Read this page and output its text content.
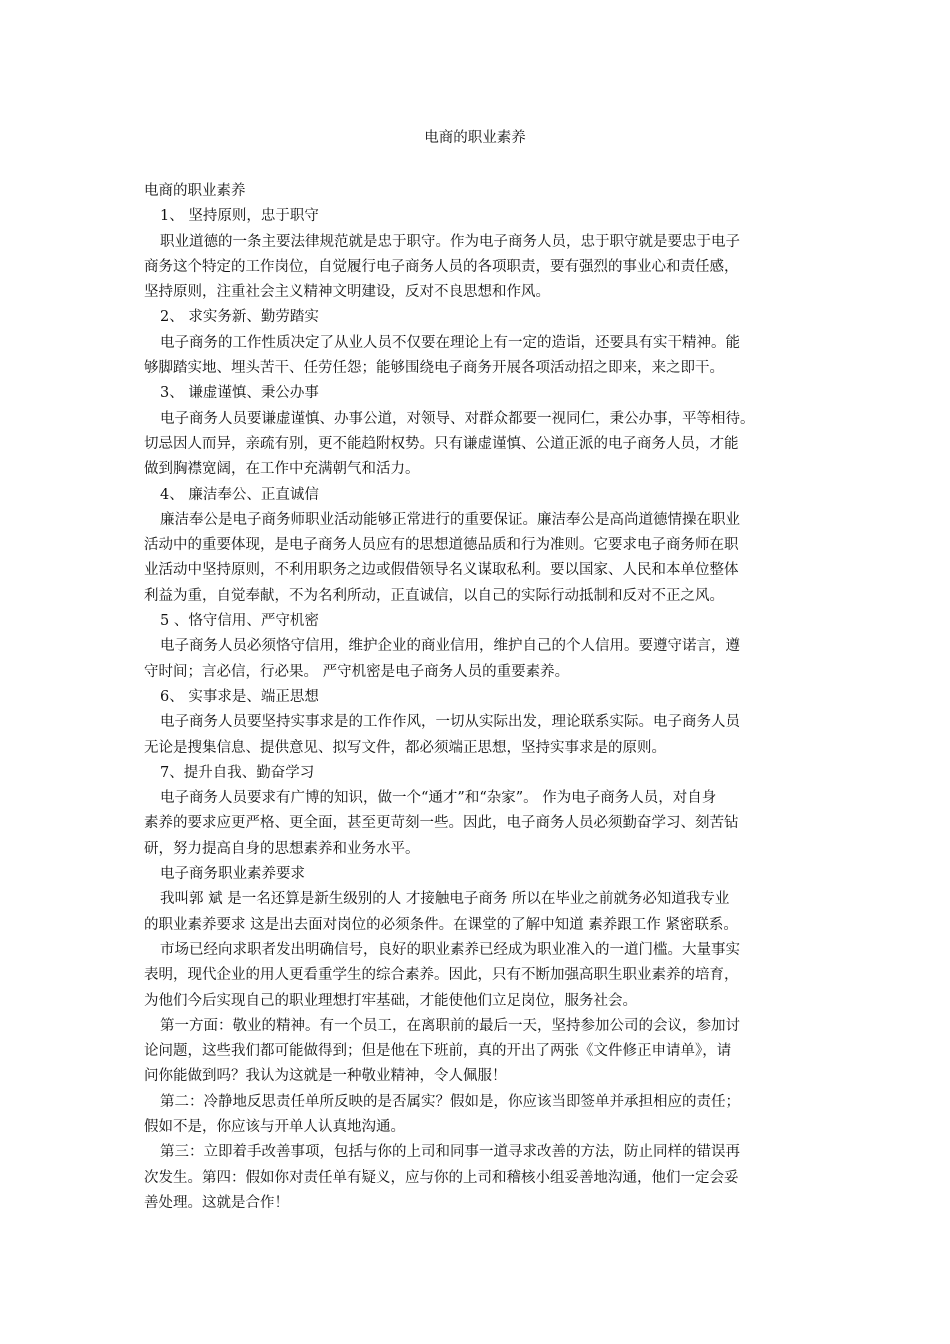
电商的职业素养

电商的职业素养

1、 坚持原则，忠于职守

职业道德的一条主要法律规范就是忠于职守。作为电子商务人员，忠于职守就是要忠于电子

商务这个特定的工作岗位，自觉履行电子商务人员的各项职责，要有强烈的事业心和责任感，

坚持原则，注重社会主义精神文明建设，反对不良思想和作风。

2、 求实务新、勤劳踏实

电子商务的工作性质决定了从业人员不仅要在理论上有一定的造诣，还要具有实干精神。能

够脚踏实地、埋头苦干、任劳任怨；能够围绕电子商务开展各项活动招之即来，来之即干。

3、 谦虚谨慎、秉公办事

电子商务人员要谦虚谨慎、办事公道，对领导、对群众都要一视同仁，秉公办事，平等相待。

切忌因人而异，亲疏有别，更不能趋附权势。只有谦虚谨慎、公道正派的电子商务人员，才能

做到胸襟宽阔，在工作中充满朝气和活力。

4、 廉洁奉公、正直诚信

廉洁奉公是电子商务师职业活动能够正常进行的重要保证。廉洁奉公是高尚道德情操在职业

活动中的重要体现，是电子商务人员应有的思想道德品质和行为准则。它要求电子商务师在职

业活动中坚持原则，不利用职务之边或假借领导名义谋取私利。要以国家、人民和本单位整体

利益为重，自觉奉献，不为名利所动，正直诚信，以自己的实际行动抵制和反对不正之风。

5 、恪守信用、严守机密

电子商务人员必须恪守信用，维护企业的商业信用，维护自己的个人信用。要遵守诺言，遵

守时间；言必信，行必果。 严守机密是电子商务人员的重要素养。

6、 实事求是、端正思想

电子商务人员要坚持实事求是的工作作风，一切从实际出发，理论联系实际。电子商务人员

无论是搜集信息、提供意见、拟写文件，都必须端正思想，坚持实事求是的原则。

7、提升自我、勤奋学习

电子商务人员要求有广博的知识，做一个“通才”和“杂家”。 作为电子商务人员，对自身

素养的要求应更严格、更全面，甚至更苛刻一些。因此，电子商务人员必须勤奋学习、刻苦钻

研，努力提高自身的思想素养和业务水平。

电子商务职业素养要求

我叫郭 斌 是一名还算是新生级别的人 才接触电子商务 所以在毕业之前就务必知道我专业

的职业素养要求 这是出去面对岗位的必须条件。在课堂的了解中知道 素养跟工作 紧密联系。

市场已经向求职者发出明确信号，良好的职业素养已经成为职业准入的一道门槛。大量事实

表明，现代企业的用人更看重学生的综合素养。因此，只有不断加强高职生职业素养的培育，

为他们今后实现自己的职业理想打牢基础，才能使他们立足岗位，服务社会。

第一方面：敬业的精神。有一个员工，在离职前的最后一天，坚持参加公司的会议，参加讨

论问题，这些我们都可能做得到；但是他在下班前，真的开出了两张《文件修正申请单》，请

问你能做到吗？我认为这就是一种敬业精神，令人佩服！

第二：冷静地反思责任单所反映的是否属实？假如是，你应该当即签单并承担相应的责任；

假如不是，你应该与开单人认真地沟通。

第三：立即着手改善事项，包括与你的上司和同事一道寻求改善的方法，防止同样的错误再

次发生。第四：假如你对责任单有疑义，应与你的上司和稽核小组妥善地沟通，他们一定会妥

善处理。这就是合作！
